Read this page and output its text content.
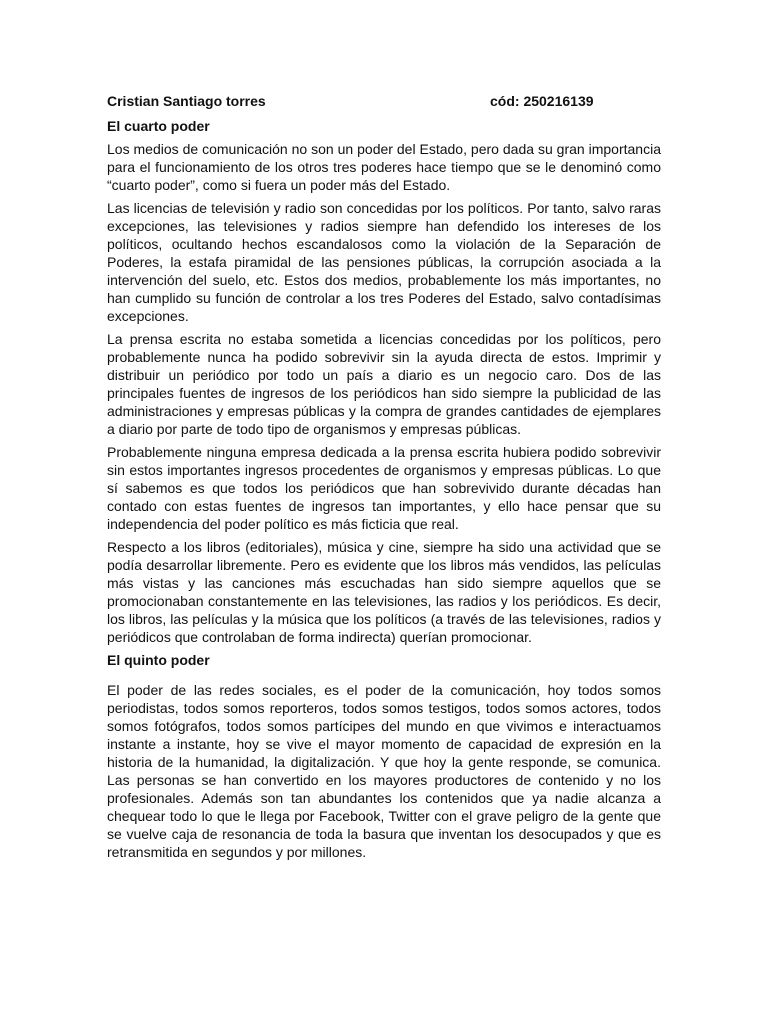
Cristian Santiago torres	cód: 250216139
El cuarto poder

Los medios de comunicación no son un poder del Estado, pero dada su gran importancia para el funcionamiento de los otros tres poderes hace tiempo que se le denominó como “cuarto poder”, como si fuera un poder más del Estado.

Las licencias de televisión y radio son concedidas por los políticos. Por tanto, salvo raras excepciones, las televisiones y radios siempre han defendido los intereses de los políticos, ocultando hechos escandalosos como la violación de la Separación de Poderes, la estafa piramidal de las pensiones públicas, la corrupción asociada a la intervención del suelo, etc. Estos dos medios, probablemente los más importantes, no han cumplido su función de controlar a los tres Poderes del Estado, salvo contadísimas excepciones.

La prensa escrita no estaba sometida a licencias concedidas por los políticos, pero probablemente nunca ha podido sobrevivir sin la ayuda directa de estos. Imprimir y distribuir un periódico por todo un país a diario es un negocio caro. Dos de las principales fuentes de ingresos de los periódicos han sido siempre la publicidad de las administraciones y empresas públicas y la compra de grandes cantidades de ejemplares a diario por parte de todo tipo de organismos y empresas públicas.

Probablemente ninguna empresa dedicada a la prensa escrita hubiera podido sobrevivir sin estos importantes ingresos procedentes de organismos y empresas públicas. Lo que sí sabemos es que todos los periódicos que han sobrevivido durante décadas han contado con estas fuentes de ingresos tan importantes, y ello hace pensar que su independencia del poder político es más ficticia que real.

Respecto a los libros (editoriales), música y cine, siempre ha sido una actividad que se podía desarrollar libremente. Pero es evidente que los libros más vendidos, las películas más vistas y las canciones más escuchadas han sido siempre aquellos que se promocionaban constantemente en las televisiones, las radios y los periódicos. Es decir, los libros, las películas y la música que los políticos (a través de las televisiones, radios y periódicos que controlaban de forma indirecta) querían promocionar.

El quinto poder

El poder de las redes sociales, es el poder de la comunicación, hoy todos somos periodistas, todos somos reporteros, todos somos testigos, todos somos actores, todos somos fotógrafos, todos somos partícipes del mundo en que vivimos e interactuamos instante a instante, hoy se vive el mayor momento de capacidad de expresión en la historia de la humanidad, la digitalización. Y que hoy la gente responde, se comunica. Las personas se han convertido en los mayores productores de contenido y no los profesionales. Además son tan abundantes los contenidos que ya nadie alcanza a chequear todo lo que le llega por Facebook, Twitter con el grave peligro de la gente que se vuelve caja de resonancia de toda la basura que inventan los desocupados y que es retransmitida en segundos y por millones.
